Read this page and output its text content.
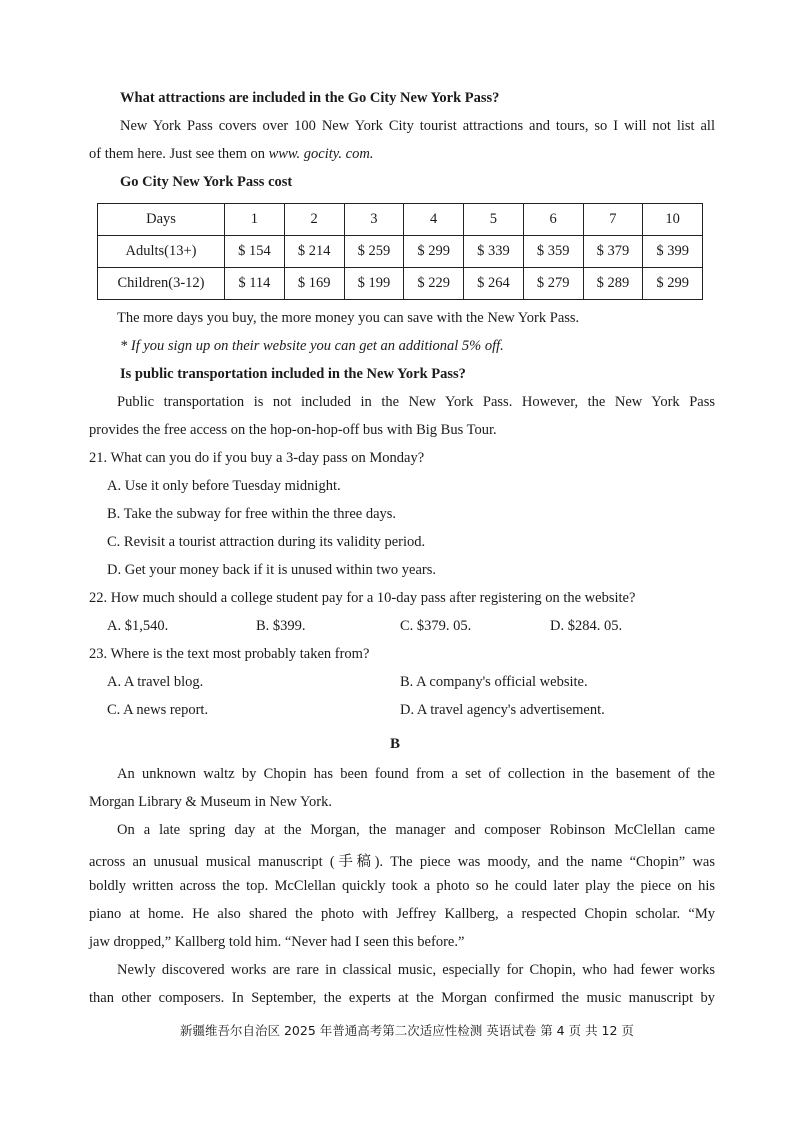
What attractions are included in the Go City New York Pass?
New York Pass covers over 100 New York City tourist attractions and tours, so I will not list all
of them here. Just see them on www. gocity. com.
Go City New York Pass cost
Days	1	2	3	4	5	6	7	10
Adults(13+)	$ 154	$ 214	$ 259	$ 299	$ 339	$ 359	$ 379	$ 399
Children(3-12)	$ 114	$ 169	$ 199	$ 229	$ 264	$ 279	$ 289	$ 299
The more days you buy, the more money you can save with the New York Pass.
* If you sign up on their website you can get an additional 5% off.
Is public transportation included in the New York Pass?
Public transportation is not included in the New York Pass. However, the New York Pass
provides the free access on the hop-on-hop-off bus with Big Bus Tour.
21. What can you do if you buy a 3-day pass on Monday?
A. Use it only before Tuesday midnight.
B. Take the subway for free within the three days.
C. Revisit a tourist attraction during its validity period.
D. Get your money back if it is unused within two years.
22. How much should a college student pay for a 10-day pass after registering on the website?
A. $1,540.	B. $399.	C. $379. 05.	D. $284. 05.
23. Where is the text most probably taken from?
A. A travel blog.	B. A company's official website.
C. A news report.	D. A travel agency's advertisement.
B
An unknown waltz by Chopin has been found from a set of collection in the basement of the
Morgan Library & Museum in New York.
On a late spring day at the Morgan, the manager and composer Robinson McClellan came
across an unusual musical manuscript (手稿). The piece was moody, and the name “Chopin” was
boldly written across the top. McClellan quickly took a photo so he could later play the piece on his
piano at home. He also shared the photo with Jeffrey Kallberg, a respected Chopin scholar. “My
jaw dropped,” Kallberg told him. “Never had I seen this before.”
Newly discovered works are rare in classical music, especially for Chopin, who had fewer works
than other composers. In September, the experts at the Morgan confirmed the music manuscript by
新疆维吾尔自治区 2025 年普通高考第二次适应性检测 英语试卷 第 4 页 共 12 页
